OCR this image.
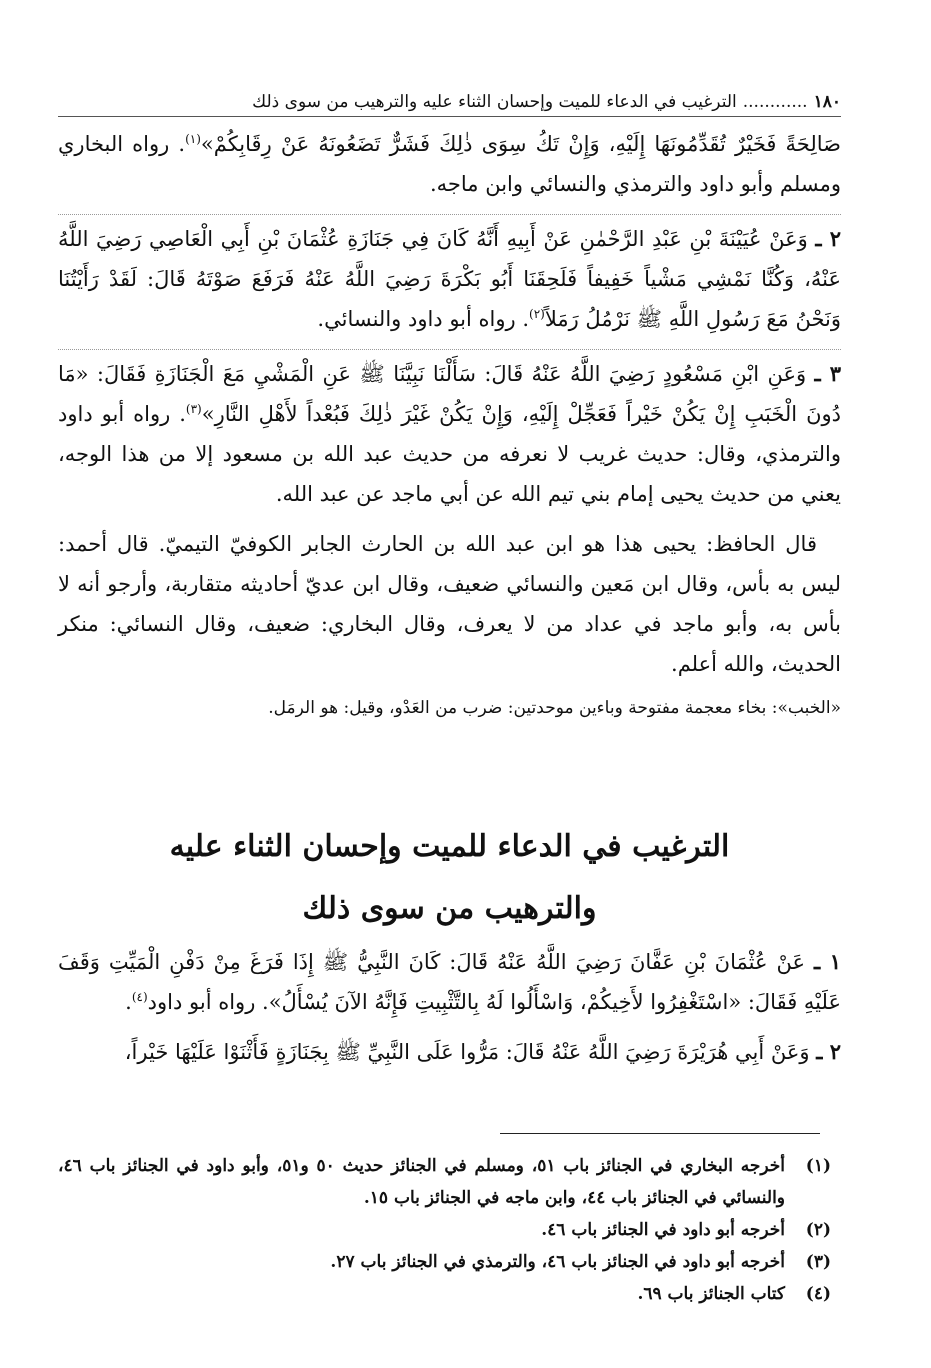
١٨٠............الترغيب في الدعاء للميت وإحسان الثناء عليه والترهيب من سوى ذلك

صَالِحَةً فَخَيْرٌ تُقَدِّمُونَهَا إِلَيْهِ، وَإِنْ تَكُ سِوَى ذٰلِكَ فَشَرٌّ تَضَعُونَهُ عَنْ رِقَابِكُمْ»$^{(١)}$. رواه البخاري ومسلم وأبو داود والترمذي والنسائي وابن ماجه.

٢ ـ وَعَنْ عُيَيْنَةَ بْنِ عَبْدِ الرَّحْمٰنِ عَنْ أَبِيهِ أَنَّهُ كَانَ فِي جَنَازَةِ عُثْمَانَ بْنِ أَبِي الْعَاصِي رَضِيَ اللَّهُ عَنْهُ، وَكُنَّا نَمْشِي مَشْياً خَفِيفاً فَلَحِقَنَا أَبُو بَكْرَةَ رَضِيَ اللَّهُ عَنْهُ فَرَفَعَ صَوْتَهُ قَالَ: لَقَدْ رَأَيْتُنَا وَنَحْنُ مَعَ رَسُولِ اللَّهِ ﷺ نَرْمُلُ رَمَلاً$^{(٢)}$. رواه أبو داود والنسائي.

٣ ـ وَعَنِ ابْنِ مَسْعُودٍ رَضِيَ اللَّهُ عَنْهُ قَالَ: سَأَلْنَا نَبِيَّنَا ﷺ عَنِ الْمَشْيِ مَعَ الْجَنَازَةِ فَقَالَ: «مَا دُونَ الْخَبَبِ إِنْ يَكُنْ خَيْراً فَعَجِّلْ إِلَيْهِ، وَإِنْ يَكُنْ غَيْرَ ذٰلِكَ فَبُعْداً لأَهْلِ النَّارِ»$^{(٣)}$. رواه أبو داود والترمذي، وقال: حديث غريب لا نعرفه من حديث عبد الله بن مسعود إلا من هذا الوجه، يعني من حديث يحيى إمام بني تيم الله عن أبي ماجد عن عبد الله.

قال الحافظ: يحيى هذا هو ابن عبد الله بن الحارث الجابر الكوفيّ التيميّ. قال أحمد: ليس به بأس، وقال ابن مَعين والنسائي ضعيف، وقال ابن عديّ أحاديثه متقاربة، وأرجو أنه لا بأس به، وأبو ماجد في عداد من لا يعرف، وقال البخاري: ضعيف، وقال النسائي: منكر الحديث، والله أعلم.

«الخبب»: بخاء معجمة مفتوحة وباءين موحدتين: ضرب من العَدْو، وقيل: هو الرمَل.

الترغيب في الدعاء للميت وإحسان الثناء عليه
والترهيب من سوى ذلك

١ ـ عَنْ عُثْمَانَ بْنِ عَفَّانَ رَضِيَ اللَّهُ عَنْهُ قَالَ: كَانَ النَّبِيُّ ﷺ إِذَا فَرَغَ مِنْ دَفْنِ الْمَيِّتِ وَقَفَ عَلَيْهِ فَقَالَ: «اسْتَغْفِرُوا لأَخِيكُمْ، وَاسْأَلُوا لَهُ بِالتَّثْبِيتِ فَإِنَّهُ الآنَ يُسْأَلُ». رواه أبو داود$^{(٤)}$.

٢ ـ وَعَنْ أَبِي هُرَيْرَةَ رَضِيَ اللَّهُ عَنْهُ قَالَ: مَرُّوا عَلَى النَّبِيِّ ﷺ بِجَنَازَةٍ فَأَثْنَوْا عَلَيْهَا خَيْراً،

(١)
أخرجه البخاري في الجنائز باب ٥١، ومسلم في الجنائز حديث ٥٠ و٥١، وأبو داود في الجنائز باب ٤٦، والنسائي في الجنائز باب ٤٤، وابن ماجه في الجنائز باب ١٥.
(٢)
أخرجه أبو داود في الجنائز باب ٤٦.
(٣)
أخرجه أبو داود في الجنائز باب ٤٦، والترمذي في الجنائز باب ٢٧.
(٤)
كتاب الجنائز باب ٦٩.
